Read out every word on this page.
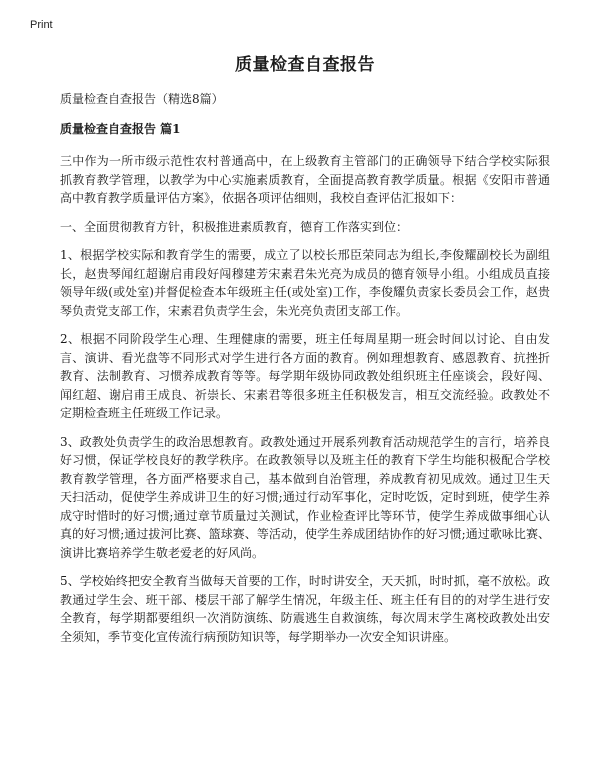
Print
质量检查自查报告

质量检查自查报告（精选8篇）

质量检查自查报告 篇1

三中作为一所市级示范性农村普通高中，在上级教育主管部门的正确领导下结合学校实际狠抓教育教学管理，以教学为中心实施素质教育，全面提高教育教学质量。根据《安阳市普通高中教育教学质量评估方案》，依据各项评估细则，我校自查评估汇报如下：

一、全面贯彻教育方针，积极推进素质教育，德育工作落实到位：

1、根据学校实际和教育学生的需要，成立了以校长邢臣荣同志为组长,李俊耀副校长为副组长，赵贵琴闻红超谢启甫段好闯穆建芳宋素君朱光亮为成员的德育领导小组。小组成员直接领导年级(或处室)并督促检查本年级班主任(或处室)工作，李俊耀负责家长委员会工作，赵贵琴负责党支部工作，宋素君负责学生会，朱光亮负责团支部工作。

2、根据不同阶段学生心理、生理健康的需要，班主任每周星期一班会时间以讨论、自由发言、演讲、看光盘等不同形式对学生进行各方面的教育。例如理想教育、感恩教育、抗挫折教育、法制教育、习惯养成教育等等。每学期年级协同政教处组织班主任座谈会，段好闯、闻红超、谢启甫王成良、祈崇长、宋素君等很多班主任积极发言，相互交流经验。政教处不定期检查班主任班级工作记录。

3、政教处负责学生的政治思想教育。政教处通过开展系列教育活动规范学生的言行，培养良好习惯，保证学校良好的教学秩序。在政教领导以及班主任的教育下学生均能积极配合学校教育教学管理，各方面严格要求自己，基本做到自治管理，养成教育初见成效。通过卫生天天扫活动，促使学生养成讲卫生的好习惯;通过行动军事化，定时吃饭，定时到班，使学生养成守时惜时的好习惯;通过章节质量过关测试，作业检查评比等环节，使学生养成做事细心认真的好习惯;通过拔河比赛、篮球赛、等活动，使学生养成团结协作的好习惯;通过歌咏比赛、演讲比赛培养学生敬老爱老的好风尚。

5、学校始终把安全教育当做每天首要的工作，时时讲安全，天天抓，时时抓，毫不放松。政教通过学生会、班干部、楼层干部了解学生情况，年级主任、班主任有目的的对学生进行安全教育，每学期都要组织一次消防演练、防震逃生自救演练，每次周末学生离校政教处出安全须知，季节变化宣传流行病预防知识等，每学期举办一次安全知识讲座。
